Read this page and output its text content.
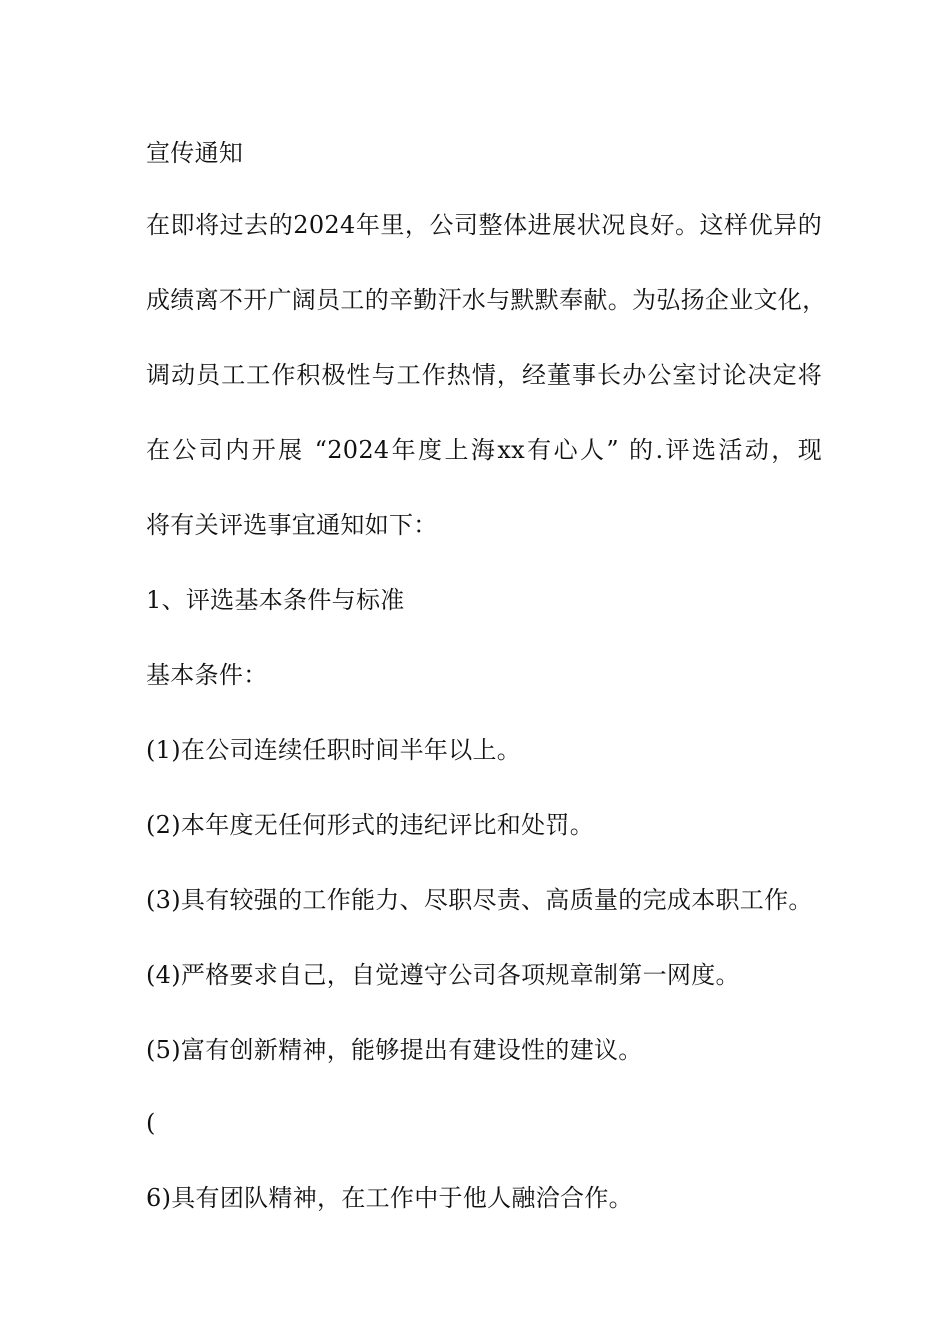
宣传通知
在即将过去的2024年里，公司整体进展状况良好。这样优异的
成绩离不开广阔员工的辛勤汗水与默默奉献。为弘扬企业文化，
调动员工工作积极性与工作热情，经董事长办公室讨论决定将
在公司内开展 “2024年度上海xx有心人” 的.评选活动，现
将有关评选事宜通知如下：
1、评选基本条件与标准
基本条件：
(1)在公司连续任职时间半年以上。
(2)本年度无任何形式的违纪评比和处罚。
(3)具有较强的工作能力、尽职尽责、高质量的完成本职工作。
(4)严格要求自己，自觉遵守公司各项规章制第一网度。
(5)富有创新精神，能够提出有建设性的建议。
(
6)具有团队精神，在工作中于他人融洽合作。
